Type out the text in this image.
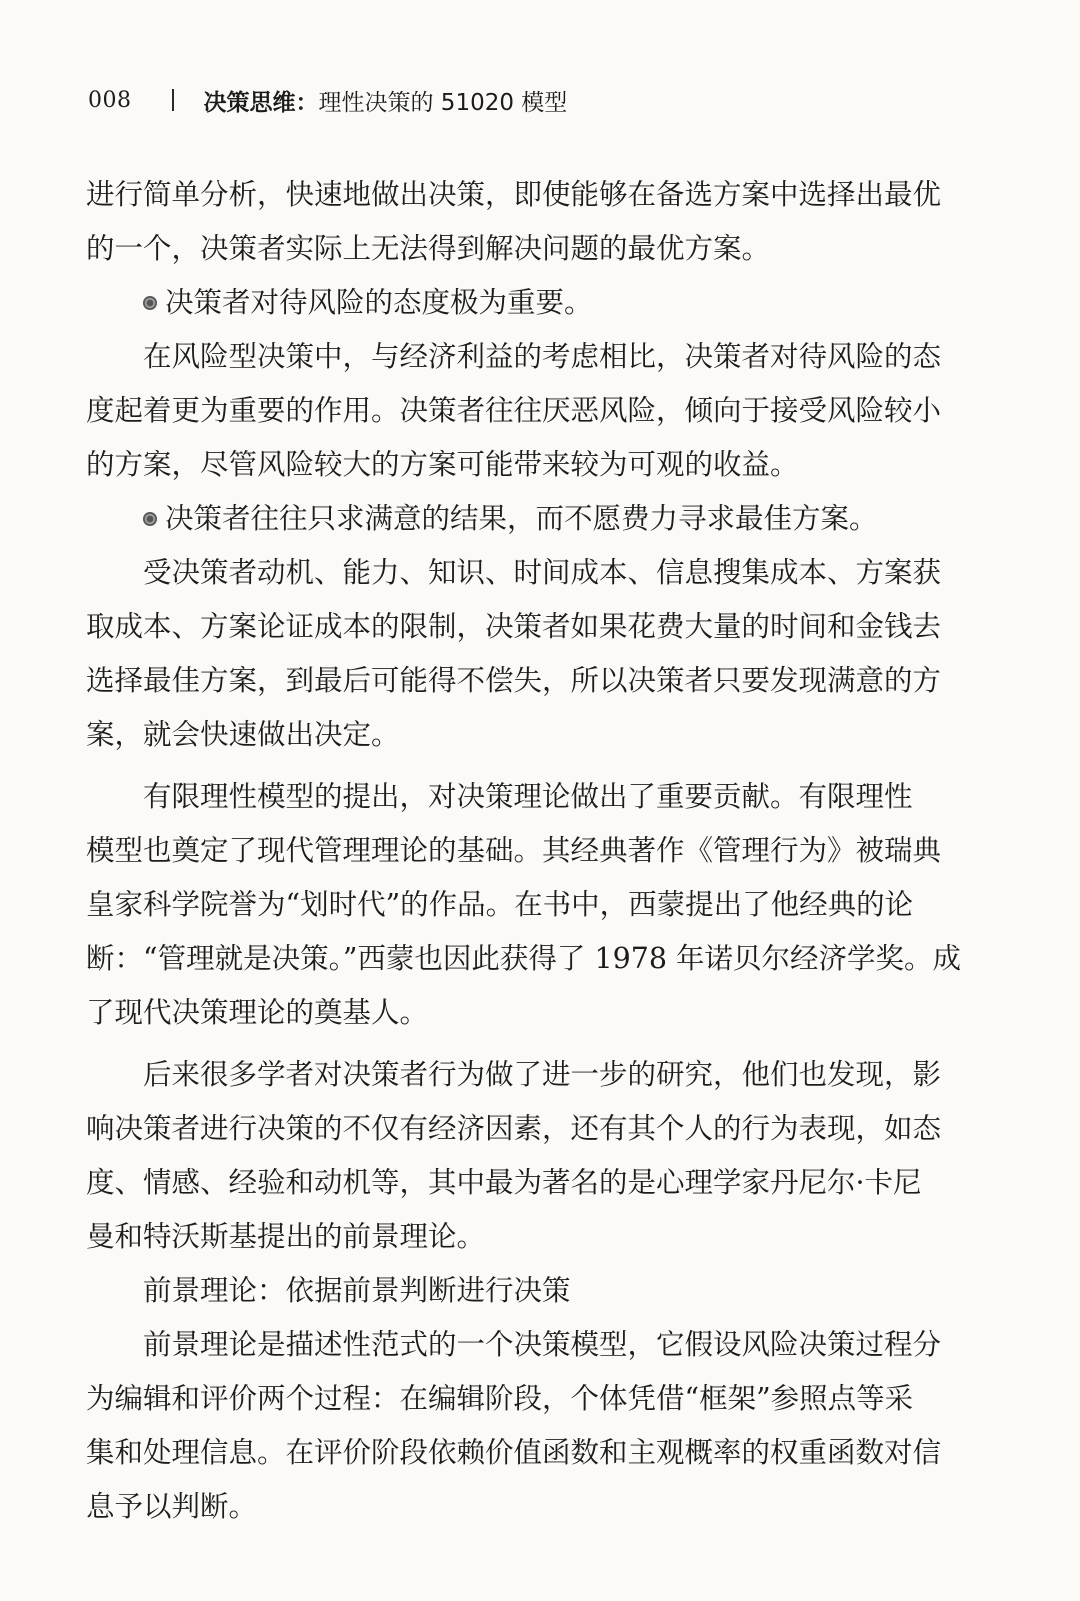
008	决策思维： 理性决策的 51020 模型
进行简单分析，快速地做出决策，即使能够在备选方案中选择出最优
的一个，决策者实际上无法得到解决问题的最优方案。
决策者对待风险的态度极为重要。
在风险型决策中，与经济利益的考虑相比，决策者对待风险的态
度起着更为重要的作用。决策者往往厌恶风险，倾向于接受风险较小
的方案，尽管风险较大的方案可能带来较为可观的收益。
决策者往往只求满意的结果，而不愿费力寻求最佳方案。
受决策者动机、能力、知识、时间成本、信息搜集成本、方案获
取成本、方案论证成本的限制，决策者如果花费大量的时间和金钱去
选择最佳方案，到最后可能得不偿失，所以决策者只要发现满意的方
案，就会快速做出决定。
有限理性模型的提出，对决策理论做出了重要贡献。有限理性
模型也奠定了现代管理理论的基础。其经典著作《管理行为》被瑞典
皇家科学院誉为“划时代”的作品。在书中，西蒙提出了他经典的论
断：“管理就是决策。”西蒙也因此获得了 1978 年诺贝尔经济学奖。成
了现代决策理论的奠基人。
后来很多学者对决策者行为做了进一步的研究，他们也发现，影
响决策者进行决策的不仅有经济因素，还有其个人的行为表现，如态
度、情感、经验和动机等，其中最为著名的是心理学家丹尼尔·卡尼
曼和特沃斯基提出的前景理论。
前景理论：依据前景判断进行决策
前景理论是描述性范式的一个决策模型，它假设风险决策过程分
为编辑和评价两个过程：在编辑阶段，个体凭借“框架”参照点等采
集和处理信息。在评价阶段依赖价值函数和主观概率的权重函数对信
息予以判断。
